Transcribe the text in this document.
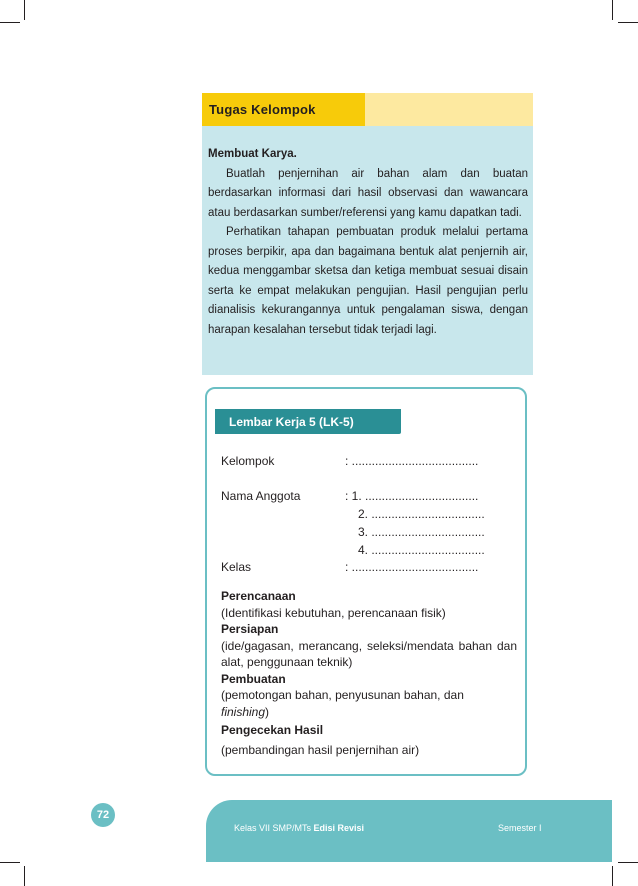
Tugas Kelompok

Membuat Karya.

Buatlah penjernihan air bahan alam dan buatan berdasarkan informasi dari hasil observasi dan wawancara atau berdasarkan sumber/referensi yang kamu dapatkan tadi.

Perhatikan tahapan pembuatan produk melalui pertama proses berpikir, apa dan bagaimana bentuk alat penjernih air, kedua menggambar sketsa dan ketiga membuat sesuai disain serta ke empat melakukan pengujian. Hasil pengujian perlu dianalisis kekurangannya untuk pengalaman siswa, dengan harapan kesalahan tersebut tidak terjadi lagi.

Lembar Kerja 5 (LK-5)
Kelompok	: ......................................
Nama Anggota	: 1. ..................................
2. ..................................
3. ..................................
4. ..................................
Kelas	: ......................................
Perencanaan
(Identifikasi kebutuhan, perencanaan fisik)
Persiapan
(ide/gagasan, merancang, seleksi/mendata bahan dan alat, penggunaan teknik)
Pembuatan
(pemotongan bahan, penyusunan bahan, dan
finishing)
Pengecekan Hasil
(pembandingan hasil penjernihan air)
72
Kelas VII SMP/MTs Edisi Revisi	Semester I
